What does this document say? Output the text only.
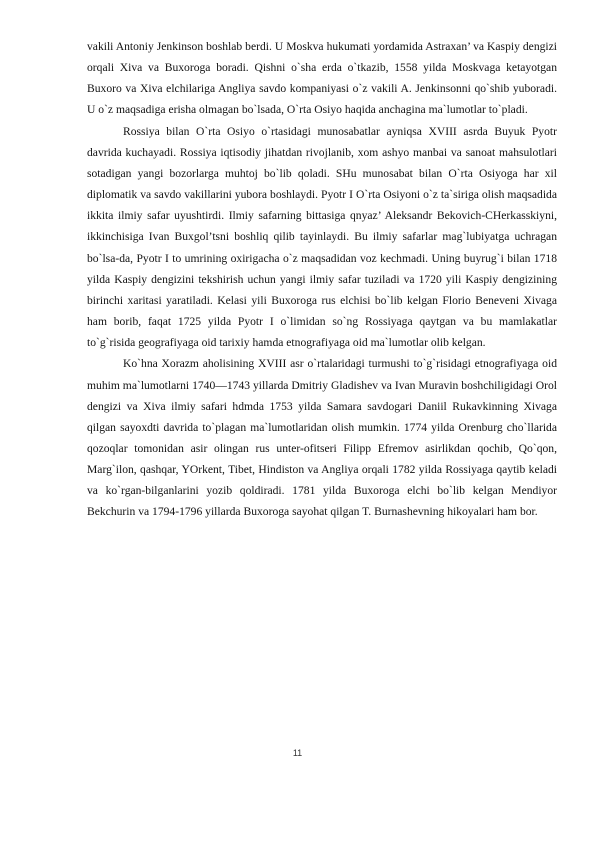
vakili Antoniy Jenkinson boshlab berdi. U Moskva hukumati yordamida Astraxan’ va Kaspiy dengizi orqali Xiva va Buxoroga boradi. Qishni o`sha erda o`tkazib, 1558 yilda Moskvaga ketayotgan Buxoro va Xiva elchilariga Angliya savdo kompaniyasi o`z vakili A. Jenkinsonni qo`shib yuboradi. U o`z maqsadiga erisha olmagan bo`lsada, O`rta Osiyo haqida anchagina ma`lumotlar to`pladi.

Rossiya bilan O`rta Osiyo o`rtasidagi munosabatlar ayniqsa XVIII asrda Buyuk Pyotr davrida kuchayadi. Rossiya iqtisodiy jihatdan rivojlanib, xom ashyo manbai va sanoat mahsulotlari sotadigan yangi bozorlarga muhtoj bo`lib qoladi. SHu munosabat bilan O`rta Osiyoga har xil diplomatik va savdo vakillarini yubora boshlaydi. Pyotr I O`rta Osiyoni o`z ta`siriga olish maqsadida ikkita ilmiy safar uyushtirdi. Ilmiy safarning bittasiga qnyaz’ Aleksandr Bekovich-CHerkasskiyni, ikkinchisiga Ivan Buxgol’tsni boshliq qilib tayinlaydi. Bu ilmiy safarlar mag`lubiyatga uchragan bo`lsa-da, Pyotr I to umrining oxirigacha o`z maqsadidan voz kechmadi. Uning buyrug`i bilan 1718 yilda Kaspiy dengizini tekshirish uchun yangi ilmiy safar tuziladi va 1720 yili Kaspiy dengizining birinchi xaritasi yaratiladi. Kelasi yili Buxoroga rus elchisi bo`lib kelgan Florio Beneveni Xivaga ham borib, faqat 1725 yilda Pyotr I o`limidan so`ng Rossiyaga qaytgan va bu mamlakatlar to`g`risida geografiyaga oid tarixiy hamda etnografiyaga oid ma`lumotlar olib kelgan.

Ko`hna Xorazm aholisining XVIII asr o`rtalaridagi turmushi to`g`risidagi etnografiyaga oid muhim ma`lumotlarni 1740—1743 yillarda Dmitriy Gladishev va Ivan Muravin boshchiligidagi Orol dengizi va Xiva ilmiy safari hdmda 1753 yilda Samara savdogari Daniil Rukavkinning Xivaga qilgan sayoxdti davrida to`plagan ma`lumotlaridan olish mumkin. 1774 yilda Orenburg cho`llarida qozoqlar tomonidan asir olingan rus unter-ofitseri Filipp Efremov asirlikdan qochib, Qo`qon, Marg`ilon, qashqar, YOrkent, Tibet, Hindiston va Angliya orqali 1782 yilda Rossiyaga qaytib keladi va ko`rgan-bilganlarini yozib qoldiradi. 1781 yilda Buxoroga elchi bo`lib kelgan Mendiyor Bekchurin va 1794-1796 yillarda Buxoroga sayohat qilgan T. Burnashevning hikoyalari ham bor.

11
